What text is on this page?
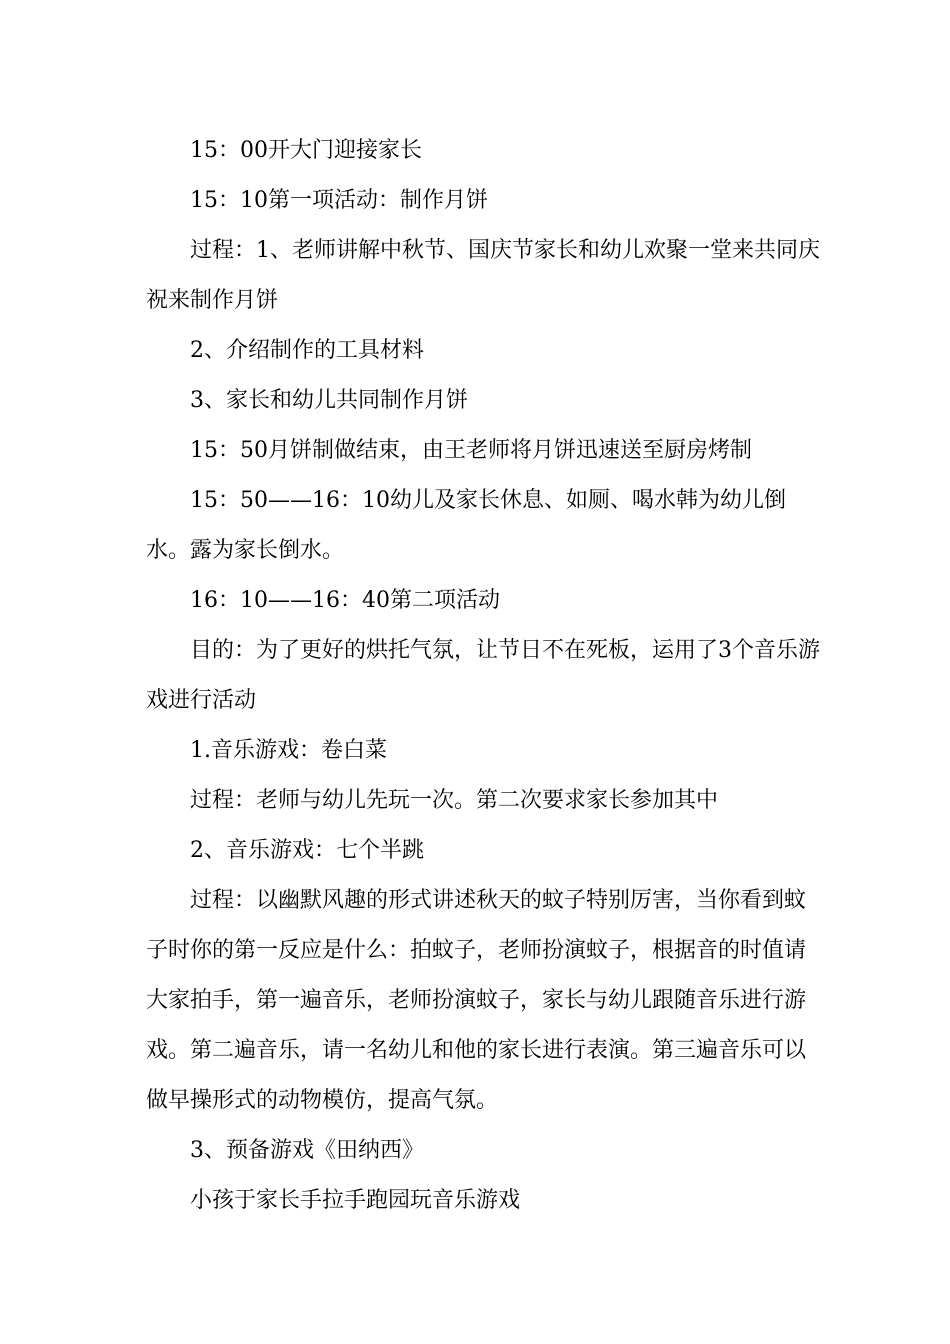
15：00开大门迎接家长

15：10第一项活动：制作月饼

过程：1、老师讲解中秋节、国庆节家长和幼儿欢聚一堂来共同庆祝来制作月饼

2、介绍制作的工具材料

3、家长和幼儿共同制作月饼

15：50月饼制做结束，由王老师将月饼迅速送至厨房烤制

15：50——16：10幼儿及家长休息、如厕、喝水韩为幼儿倒水。露为家长倒水。

16：10——16：40第二项活动

目的：为了更好的烘托气氛，让节日不在死板，运用了3个音乐游戏进行活动

1.音乐游戏：卷白菜

过程：老师与幼儿先玩一次。第二次要求家长参加其中

2、音乐游戏：七个半跳

过程：以幽默风趣的形式讲述秋天的蚊子特别厉害，当你看到蚊子时你的第一反应是什么：拍蚊子，老师扮演蚊子，根据音的时值请大家拍手，第一遍音乐，老师扮演蚊子，家长与幼儿跟随音乐进行游戏。第二遍音乐，请一名幼儿和他的家长进行表演。第三遍音乐可以做早操形式的动物模仿，提高气氛。

3、预备游戏《田纳西》

小孩于家长手拉手跑园玩音乐游戏
